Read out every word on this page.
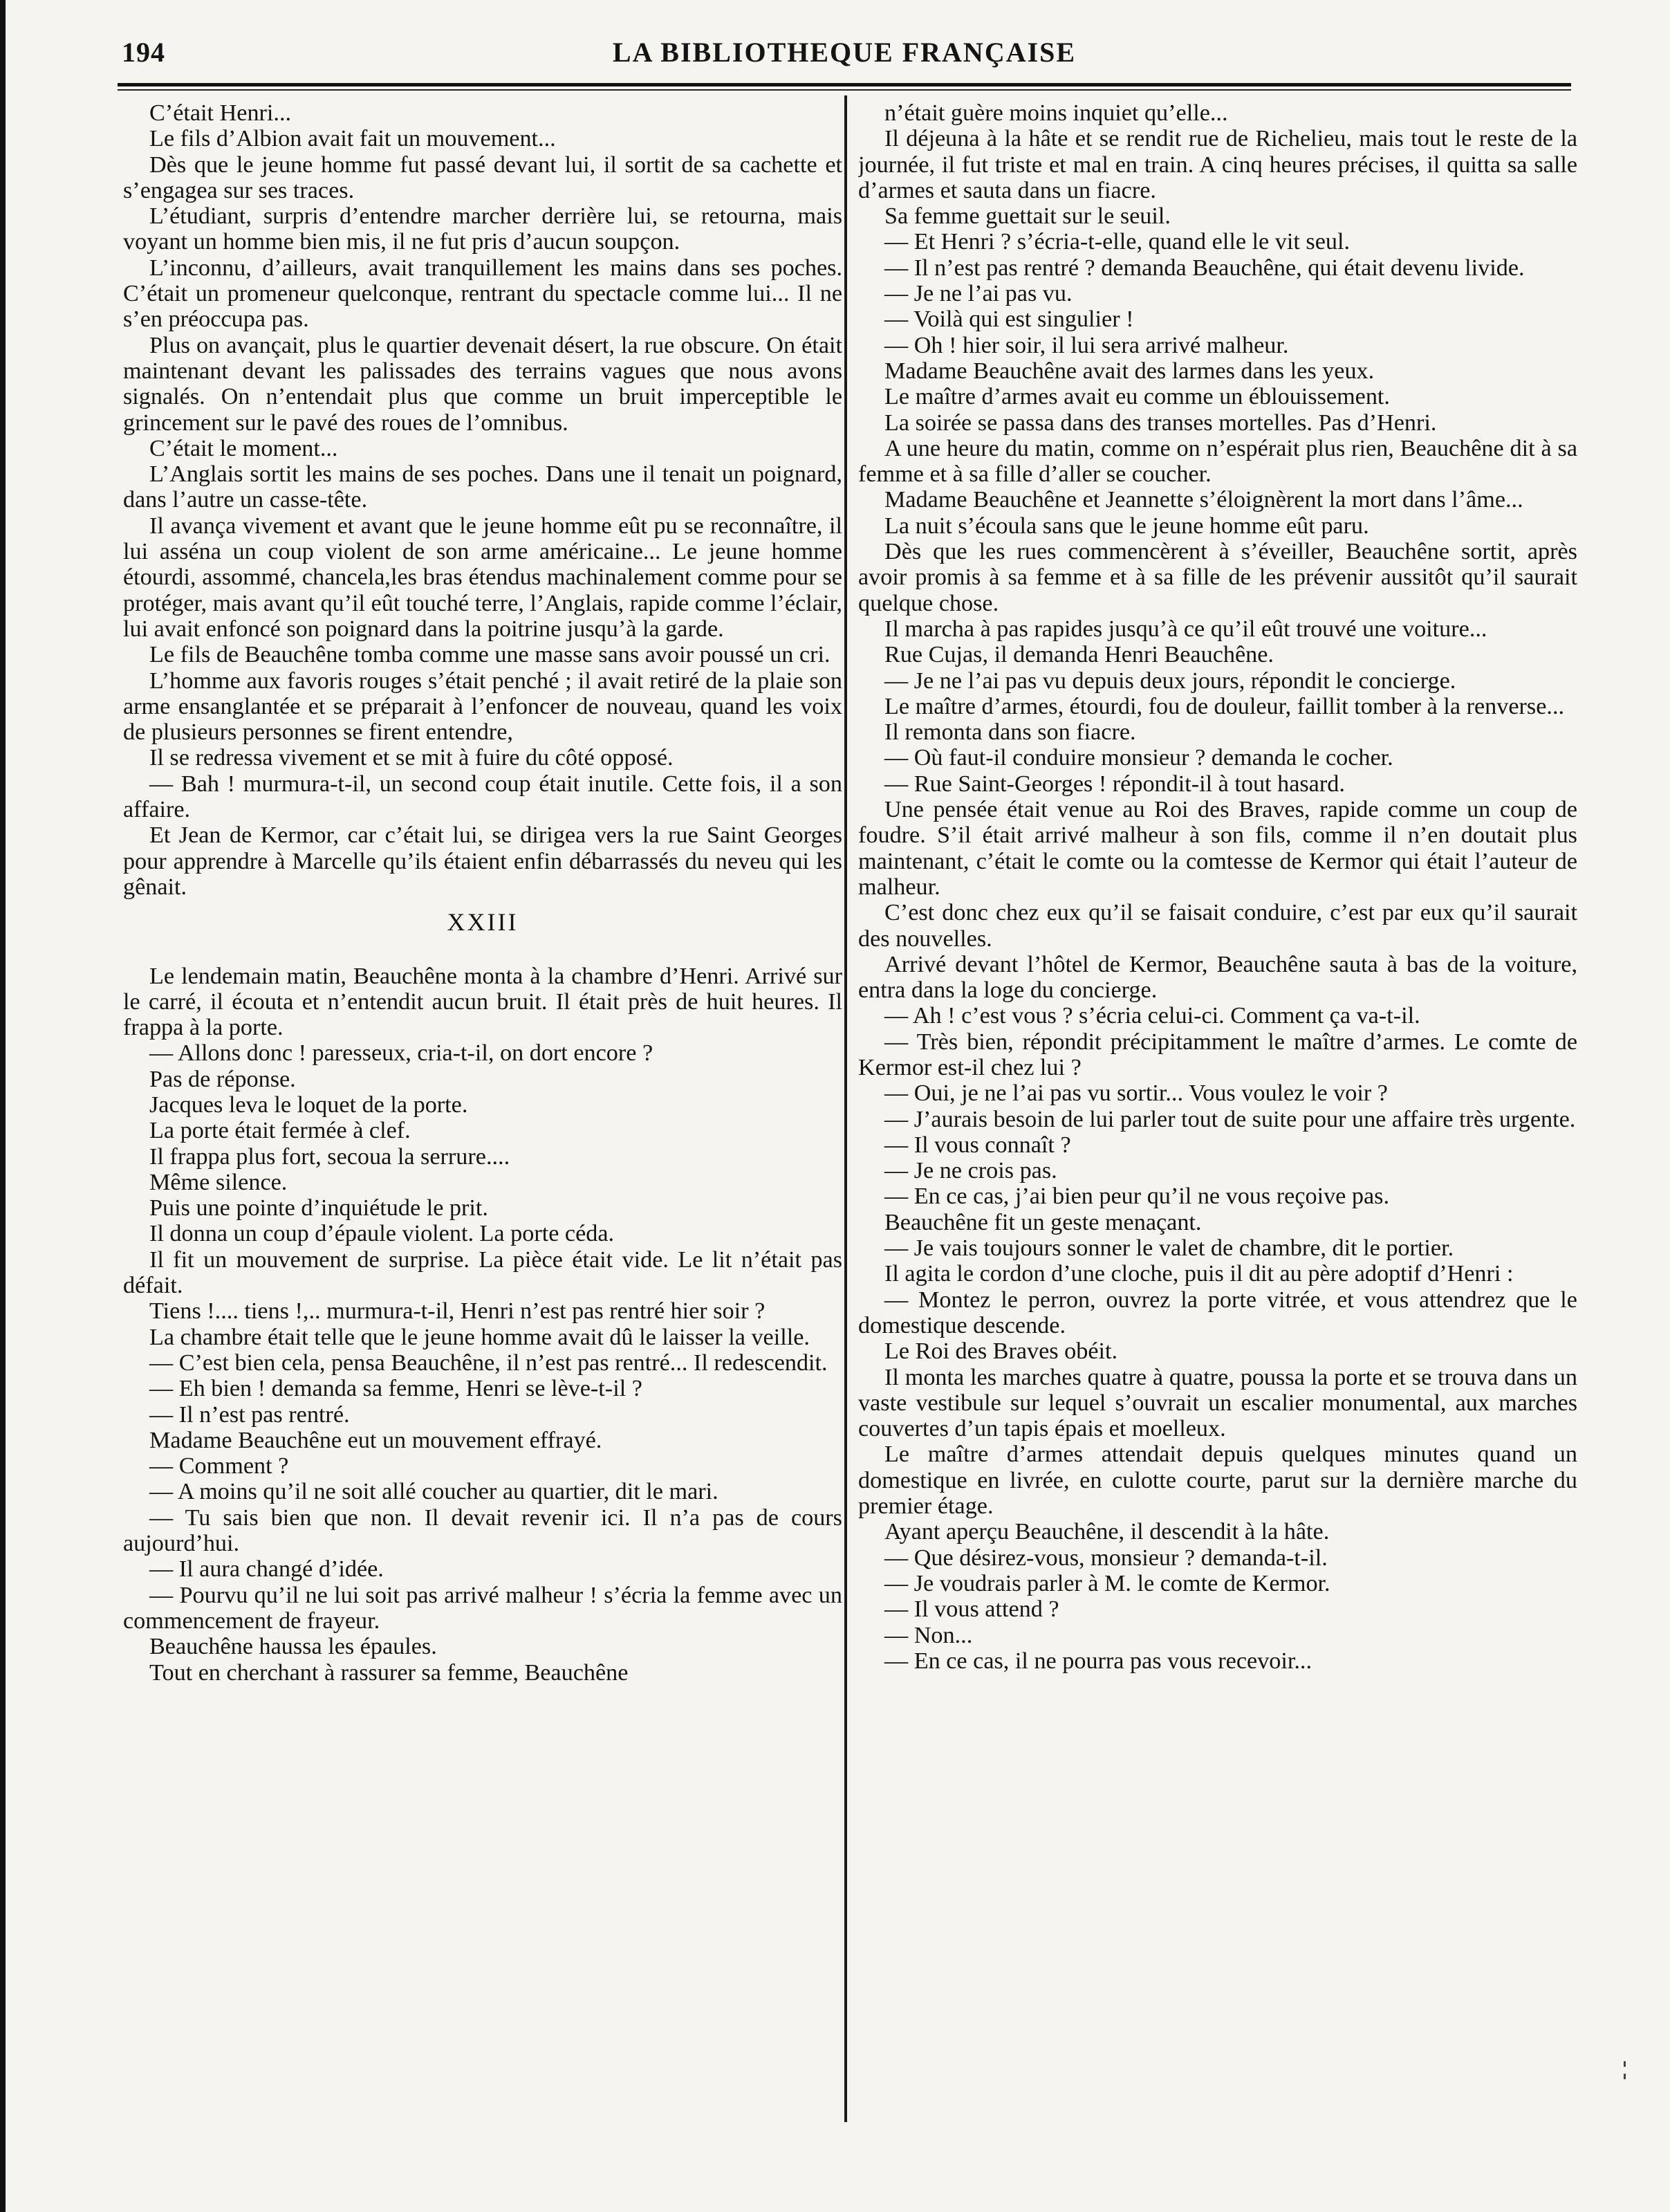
194	LA BIBLIOTHEQUE FRANÇAISE

C’était Henri...

Le fils d’Albion avait fait un mouvement...

Dès que le jeune homme fut passé devant lui, il sortit de sa cachette et s’engagea sur ses traces.

L’étudiant, surpris d’entendre marcher derrière lui, se retourna, mais voyant un homme bien mis, il ne fut pris d’aucun soupçon.

L’inconnu, d’ailleurs, avait tranquillement les mains dans ses poches. C’était un promeneur quelconque, rentrant du spectacle comme lui... Il ne s’en préoccupa pas.

Plus on avançait, plus le quartier devenait désert, la rue obscure. On était maintenant devant les palissades des terrains vagues que nous avons signalés. On n’entendait plus que comme un bruit imperceptible le grincement sur le pavé des roues de l’omnibus.

C’était le moment...

L’Anglais sortit les mains de ses poches. Dans une il tenait un poignard, dans l’autre un casse-tête.

Il avança vivement et avant que le jeune homme eût pu se reconnaître, il lui asséna un coup violent de son arme américaine... Le jeune homme étourdi, assommé, chancela,les bras étendus machinalement comme pour se protéger, mais avant qu’il eût touché terre, l’Anglais, rapide comme l’éclair, lui avait enfoncé son poignard dans la poitrine jusqu’à la garde.

Le fils de Beauchêne tomba comme une masse sans avoir poussé un cri.

L’homme aux favoris rouges s’était penché ; il avait retiré de la plaie son arme ensanglantée et se préparait à l’enfoncer de nouveau, quand les voix de plusieurs personnes se firent entendre,

Il se redressa vivement et se mit à fuire du côté opposé.

— Bah ! murmura-t-il, un second coup était inutile. Cette fois, il a son affaire.

Et Jean de Kermor, car c’était lui, se dirigea vers la rue Saint Georges pour apprendre à Marcelle qu’ils étaient enfin débarrassés du neveu qui les gênait.

XXIII

Le lendemain matin, Beauchêne monta à la chambre d’Henri. Arrivé sur le carré, il écouta et n’entendit aucun bruit. Il était près de huit heures. Il frappa à la porte.

— Allons donc ! paresseux, cria-t-il, on dort encore ?

Pas de réponse.

Jacques leva le loquet de la porte.

La porte était fermée à clef.

Il frappa plus fort, secoua la serrure....

Même silence.

Puis une pointe d’inquiétude le prit.

Il donna un coup d’épaule violent. La porte céda.

Il fit un mouvement de surprise. La pièce était vide. Le lit n’était pas défait.

Tiens !.... tiens !,.. murmura-t-il, Henri n’est pas rentré hier soir ?

La chambre était telle que le jeune homme avait dû le laisser la veille.

— C’est bien cela, pensa Beauchêne, il n’est pas rentré... Il redescendit.

— Eh bien ! demanda sa femme, Henri se lève-t-il ?

— Il n’est pas rentré.

Madame Beauchêne eut un mouvement effrayé.

— Comment ?

— A moins qu’il ne soit allé coucher au quartier, dit le mari.

— Tu sais bien que non. Il devait revenir ici. Il n’a pas de cours aujourd’hui.

— Il aura changé d’idée.

— Pourvu qu’il ne lui soit pas arrivé malheur ! s’écria la femme avec un commencement de frayeur.

Beauchêne haussa les épaules.

Tout en cherchant à rassurer sa femme, Beauchêne

n’était guère moins inquiet qu’elle...

Il déjeuna à la hâte et se rendit rue de Richelieu, mais tout le reste de la journée, il fut triste et mal en train. A cinq heures précises, il quitta sa salle d’armes et sauta dans un fiacre.

Sa femme guettait sur le seuil.

— Et Henri ? s’écria-t-elle, quand elle le vit seul.

— Il n’est pas rentré ? demanda Beauchêne, qui était devenu livide.

— Je ne l’ai pas vu.

— Voilà qui est singulier !

— Oh ! hier soir, il lui sera arrivé malheur.

Madame Beauchêne avait des larmes dans les yeux.

Le maître d’armes avait eu comme un éblouissement.

La soirée se passa dans des transes mortelles. Pas d’Henri.

A une heure du matin, comme on n’espérait plus rien, Beauchêne dit à sa femme et à sa fille d’aller se coucher.

Madame Beauchêne et Jeannette s’éloignèrent la mort dans l’âme...

La nuit s’écoula sans que le jeune homme eût paru.

Dès que les rues commencèrent à s’éveiller, Beauchêne sortit, après avoir promis à sa femme et à sa fille de les prévenir aussitôt qu’il saurait quelque chose.

Il marcha à pas rapides jusqu’à ce qu’il eût trouvé une voiture...

Rue Cujas, il demanda Henri Beauchêne.

— Je ne l’ai pas vu depuis deux jours, répondit le concierge.

Le maître d’armes, étourdi, fou de douleur, faillit tomber à la renverse...

Il remonta dans son fiacre.

— Où faut-il conduire monsieur ? demanda le cocher.

— Rue Saint-Georges ! répondit-il à tout hasard.

Une pensée était venue au Roi des Braves, rapide comme un coup de foudre. S’il était arrivé malheur à son fils, comme il n’en doutait plus maintenant, c’était le comte ou la comtesse de Kermor qui était l’auteur de malheur.

C’est donc chez eux qu’il se faisait conduire, c’est par eux qu’il saurait des nouvelles.

Arrivé devant l’hôtel de Kermor, Beauchêne sauta à bas de la voiture, entra dans la loge du concierge.

— Ah ! c’est vous ? s’écria celui-ci. Comment ça va-t-il.

— Très bien, répondit précipitamment le maître d’armes. Le comte de Kermor est-il chez lui ?

— Oui, je ne l’ai pas vu sortir... Vous voulez le voir ?

— J’aurais besoin de lui parler tout de suite pour une affaire très urgente.

— Il vous connaît ?

— Je ne crois pas.

— En ce cas, j’ai bien peur qu’il ne vous reçoive pas.

Beauchêne fit un geste menaçant.

— Je vais toujours sonner le valet de chambre, dit le portier.

Il agita le cordon d’une cloche, puis il dit au père adoptif d’Henri :

— Montez le perron, ouvrez la porte vitrée, et vous attendrez que le domestique descende.

Le Roi des Braves obéit.

Il monta les marches quatre à quatre, poussa la porte et se trouva dans un vaste vestibule sur lequel s’ouvrait un escalier monumental, aux marches couvertes d’un tapis épais et moelleux.

Le maître d’armes attendait depuis quelques minutes quand un domestique en livrée, en culotte courte, parut sur la dernière marche du premier étage.

Ayant aperçu Beauchêne, il descendit à la hâte.

— Que désirez-vous, monsieur ? demanda-t-il.

— Je voudrais parler à M. le comte de Kermor.

— Il vous attend ?

— Non...

— En ce cas, il ne pourra pas vous recevoir...
